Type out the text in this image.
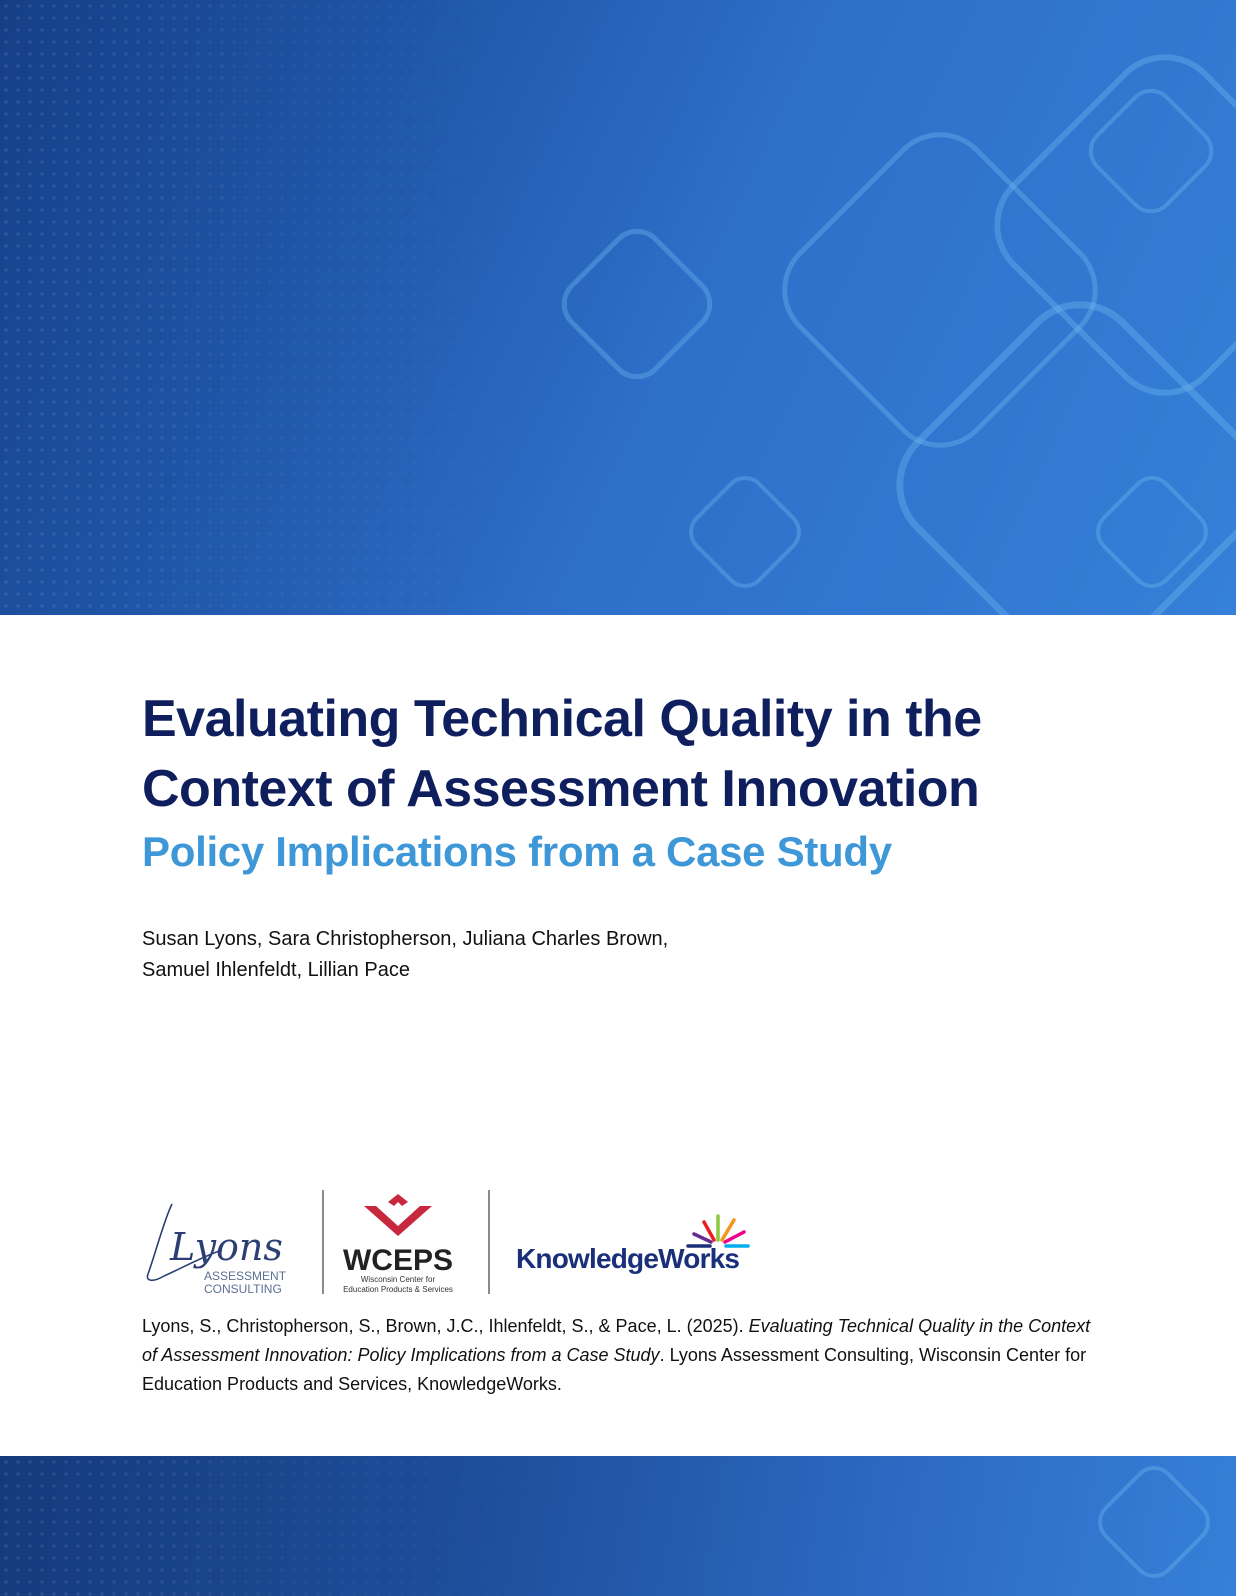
Evaluating Technical Quality in the
Context of Assessment Innovation
Policy Implications from a Case Study
Susan Lyons, Sara Christopherson, Juliana Charles Brown,
Samuel Ihlenfeldt, Lillian Pace
Lyons
ASSESSMENT
CONSULTING
WCEPS
Wisconsin Center for
Education Products & Services
KnowledgeWorks
Lyons, S., Christopherson, S., Brown, J.C., Ihlenfeldt, S., & Pace, L. (2025). Evaluating Technical Quality in the Context of Assessment Innovation: Policy Implications from a Case Study. Lyons Assessment Consulting, Wisconsin Center for Education Products and Services, KnowledgeWorks.
